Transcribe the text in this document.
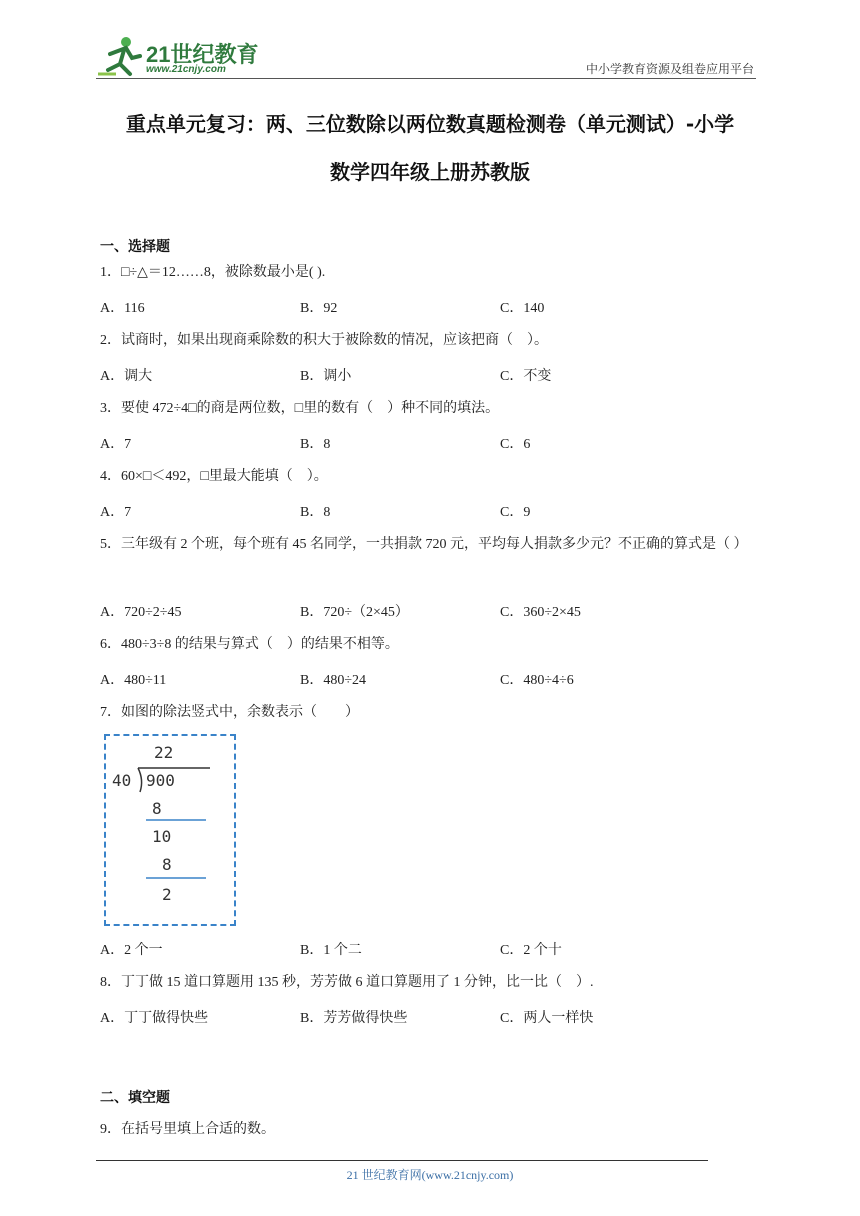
21世纪教育
www.21cnjy.com	中小学教育资源及组卷应用平台
重点单元复习：两、三位数除以两位数真题检测卷（单元测试）-小学
数学四年级上册苏教版
一、选择题
1．□÷△＝12……8，被除数最小是( ).
A．116	B．92	C．140
2．试商时，如果出现商乘除数的积大于被除数的情况，应该把商（　）。
A．调大	B．调小	C．不变
3．要使 472÷4□的商是两位数，□里的数有（　）种不同的填法。
A．7	B．8	C．6
4．60×□＜492，□里最大能填（　）。
A．7	B．8	C．9
5．三年级有 2 个班，每个班有 45 名同学，一共捐款 720 元，平均每人捐款多少元？不正确的算式是（ ）
A．720÷2÷45	B．720÷（2×45）	C．360÷2×45
6．480÷3÷8 的结果与算式（　）的结果不相等。
A．480÷11	B．480÷24	C．480÷4÷6
7．如图的除法竖式中，余数表示（　　）
22
40 900
8
10
8
2
A．2 个一	B．1 个二	C．2 个十
8．丁丁做 15 道口算题用 135 秒，芳芳做 6 道口算题用了 1 分钟，比一比（　）.
A．丁丁做得快些	B．芳芳做得快些	C．两人一样快
二、填空题
9．在括号里填上合适的数。
21 世纪教育网(www.21cnjy.com)
